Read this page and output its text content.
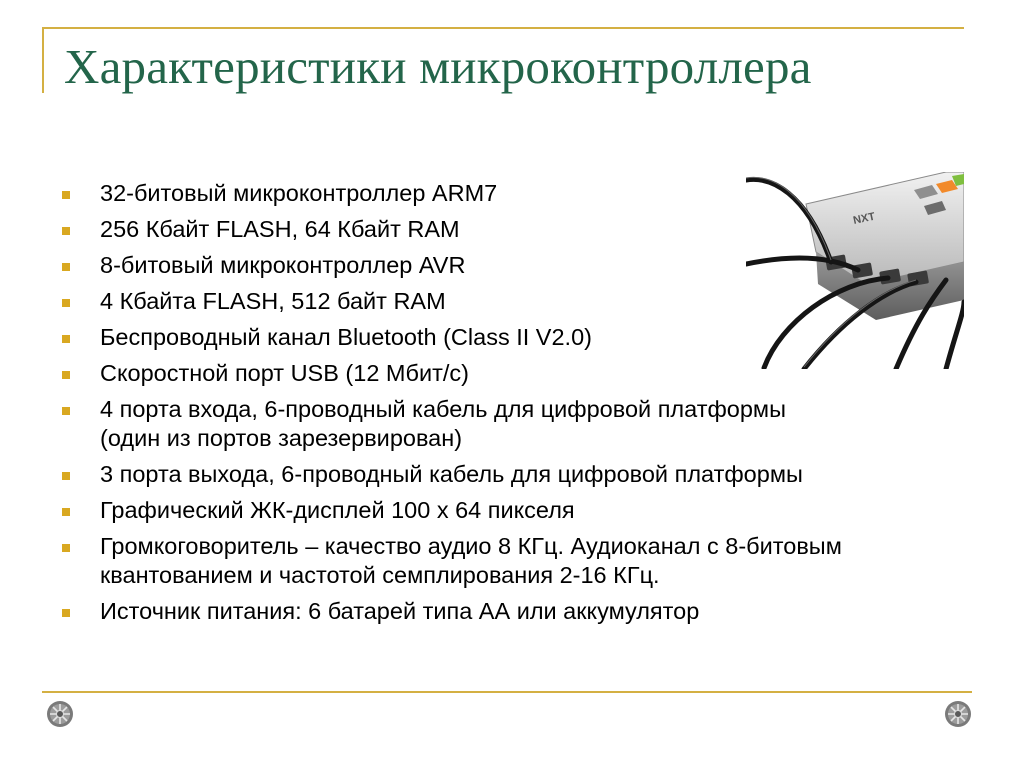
Характеристики микроконтроллера
NXT
32-битовый микроконтроллер ARM7
256 Кбайт FLASH, 64 Кбайт RAM
8-битовый микроконтроллер AVR
4 Кбайта FLASH, 512 байт RAM
Беспроводный канал Bluetooth (Class II V2.0)
Скоростной порт USB (12 Мбит/с)
4 порта входа, 6-проводный кабель для цифровой платформы (один из портов зарезервирован)
3 порта выхода, 6-проводный кабель для цифровой платформы
Графический ЖК-дисплей 100 x 64 пикселя
Громкоговоритель – качество аудио 8 КГц. Аудиоканал с 8-битовым квантованием и частотой семплирования 2-16 КГц.
Источник питания: 6 батарей типа АА или аккумулятор
